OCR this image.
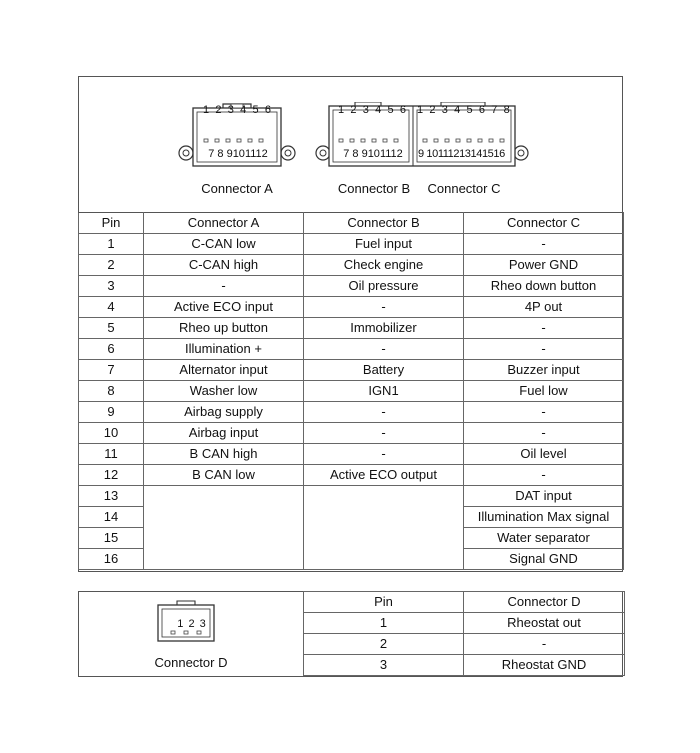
1 2 3 4 5 6
7 8 9101112
Connector A
1 2 3 4 5 6
7 8 9101112
1 2 3 4 5 6 7 8
9 10111213141516
Connector B	Connector C
Pin	Connector A	Connector B	Connector C
1	C-CAN low	Fuel input	-
2	C-CAN high	Check engine	Power GND
3	-	Oil pressure	Rheo down button
4	Active ECO input	-	4P out
5	Rheo up button	Immobilizer	-
6	Illumination +	-	-
7	Alternator input	Battery	Buzzer input
8	Washer low	IGN1	Fuel low
9	Airbag supply	-	-
10	Airbag input	-	-
11	B CAN high	-	Oil level
12	B CAN low	Active ECO output	-
13			DAT input
14			Illumination Max signal
15			Water separator
16			Signal GND
1 2 3
Connector D
Pin	Connector D
1	Rheostat out
2	-
3	Rheostat GND
